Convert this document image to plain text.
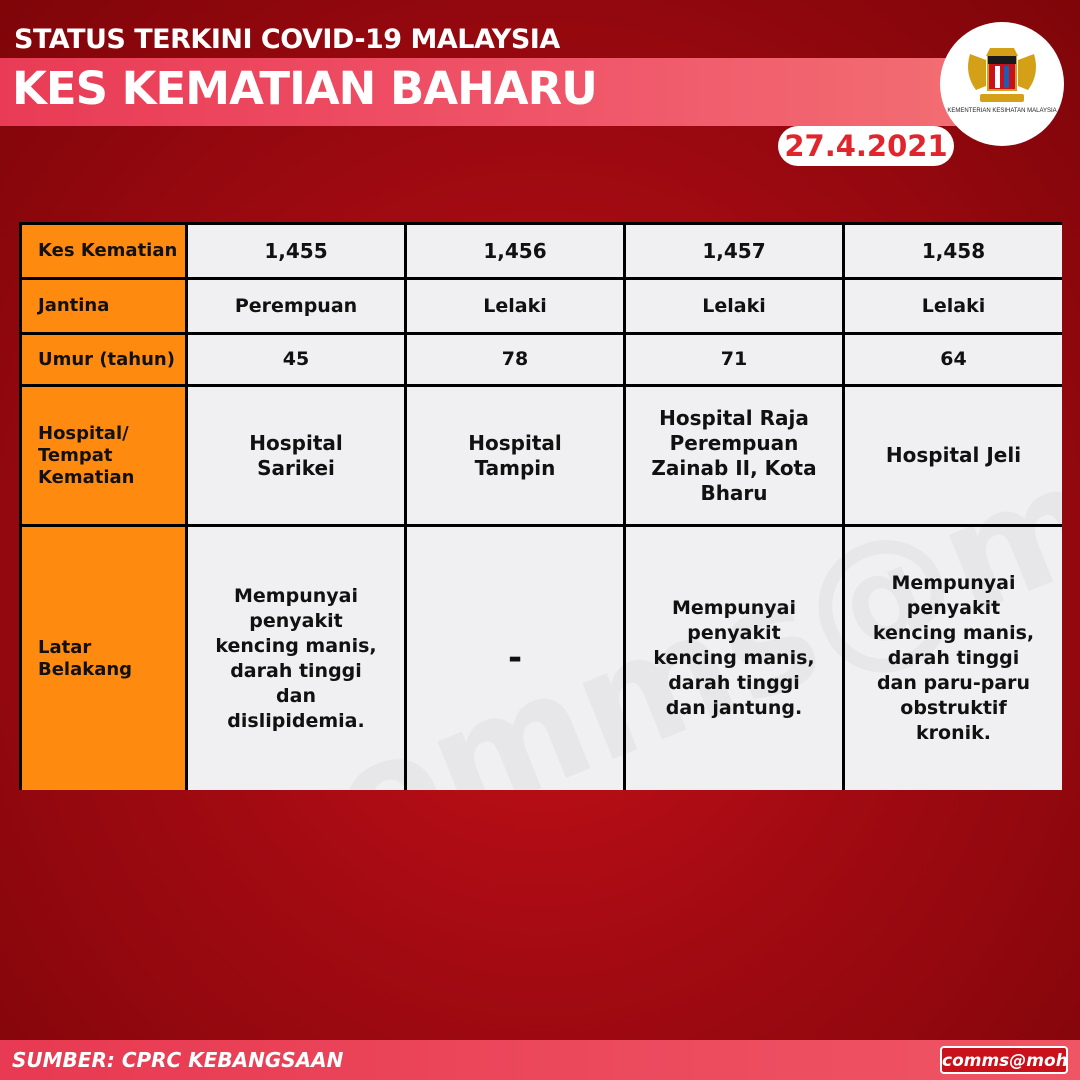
STATUS TERKINI COVID-19 MALAYSIA
KES KEMATIAN BAHARU	KEMENTERIAN KESIHATAN MALAYSIA
27.4.2021
Kes Kematian	1,455	1,456	1,457	1,458
Jantina	Perempuan	Lelaki	Lelaki	Lelaki
Umur (tahun)	45	78	71	64
Hospital/ Tempat Kematian	Hospital Sarikei	Hospital Tampin	Hospital Raja Perempuan Zainab II, Kota Bharu	Hospital Jeli
Latar Belakang	Mempunyai penyakit kencing manis, darah tinggi dan dislipidemia.	-	Mempunyai penyakit kencing manis, darah tinggi dan jantung.	Mempunyai penyakit kencing manis, darah tinggi dan paru-paru obstruktif kronik.
SUMBER: CPRC KEBANGSAAN	comms@moh
